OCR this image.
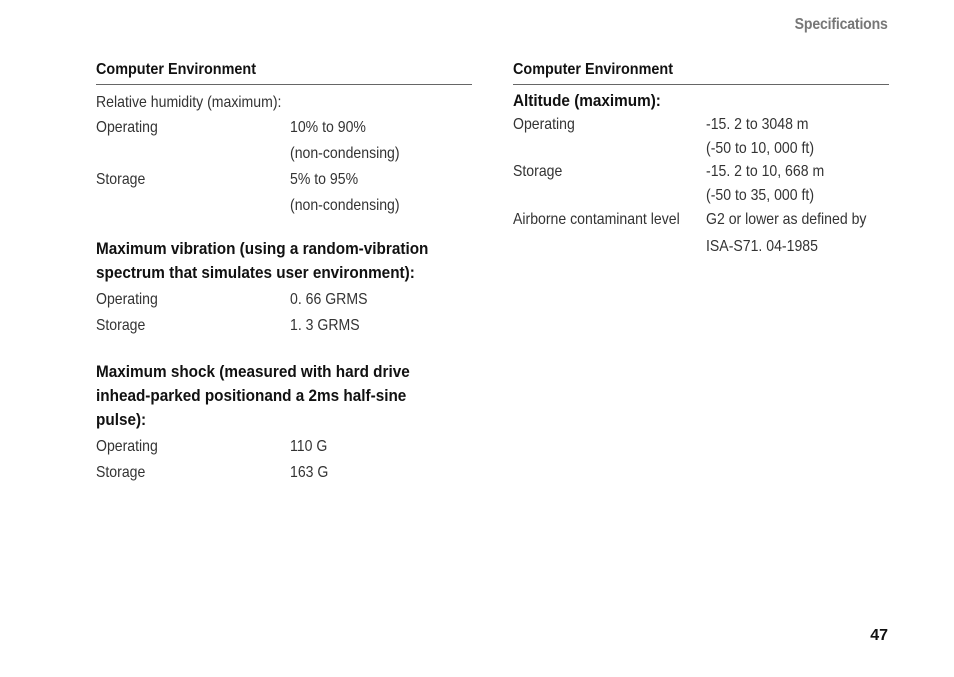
Specifications
Computer Environment
Relative humidity (maximum):
Operating	10% to 90%
(non-condensing)
Storage	5% to 95%
(non-condensing)
Maximum vibration (using a random-vibration
spectrum that simulates user environment):
Operating	0. 66 GRMS
Storage	1. 3 GRMS
Maximum shock (measured with hard drive
inhead-parked positionand a 2ms half-sine
pulse):
Operating	110 G
Storage	163 G
Computer Environment
Altitude (maximum):
Operating	-15. 2 to 3048 m
(-50 to 10, 000 ft)
Storage	-15. 2 to 10, 668 m
(-50 to 35, 000 ft)
Airborne contaminant level	G2 or lower as defined by
ISA-S71. 04-1985
47
